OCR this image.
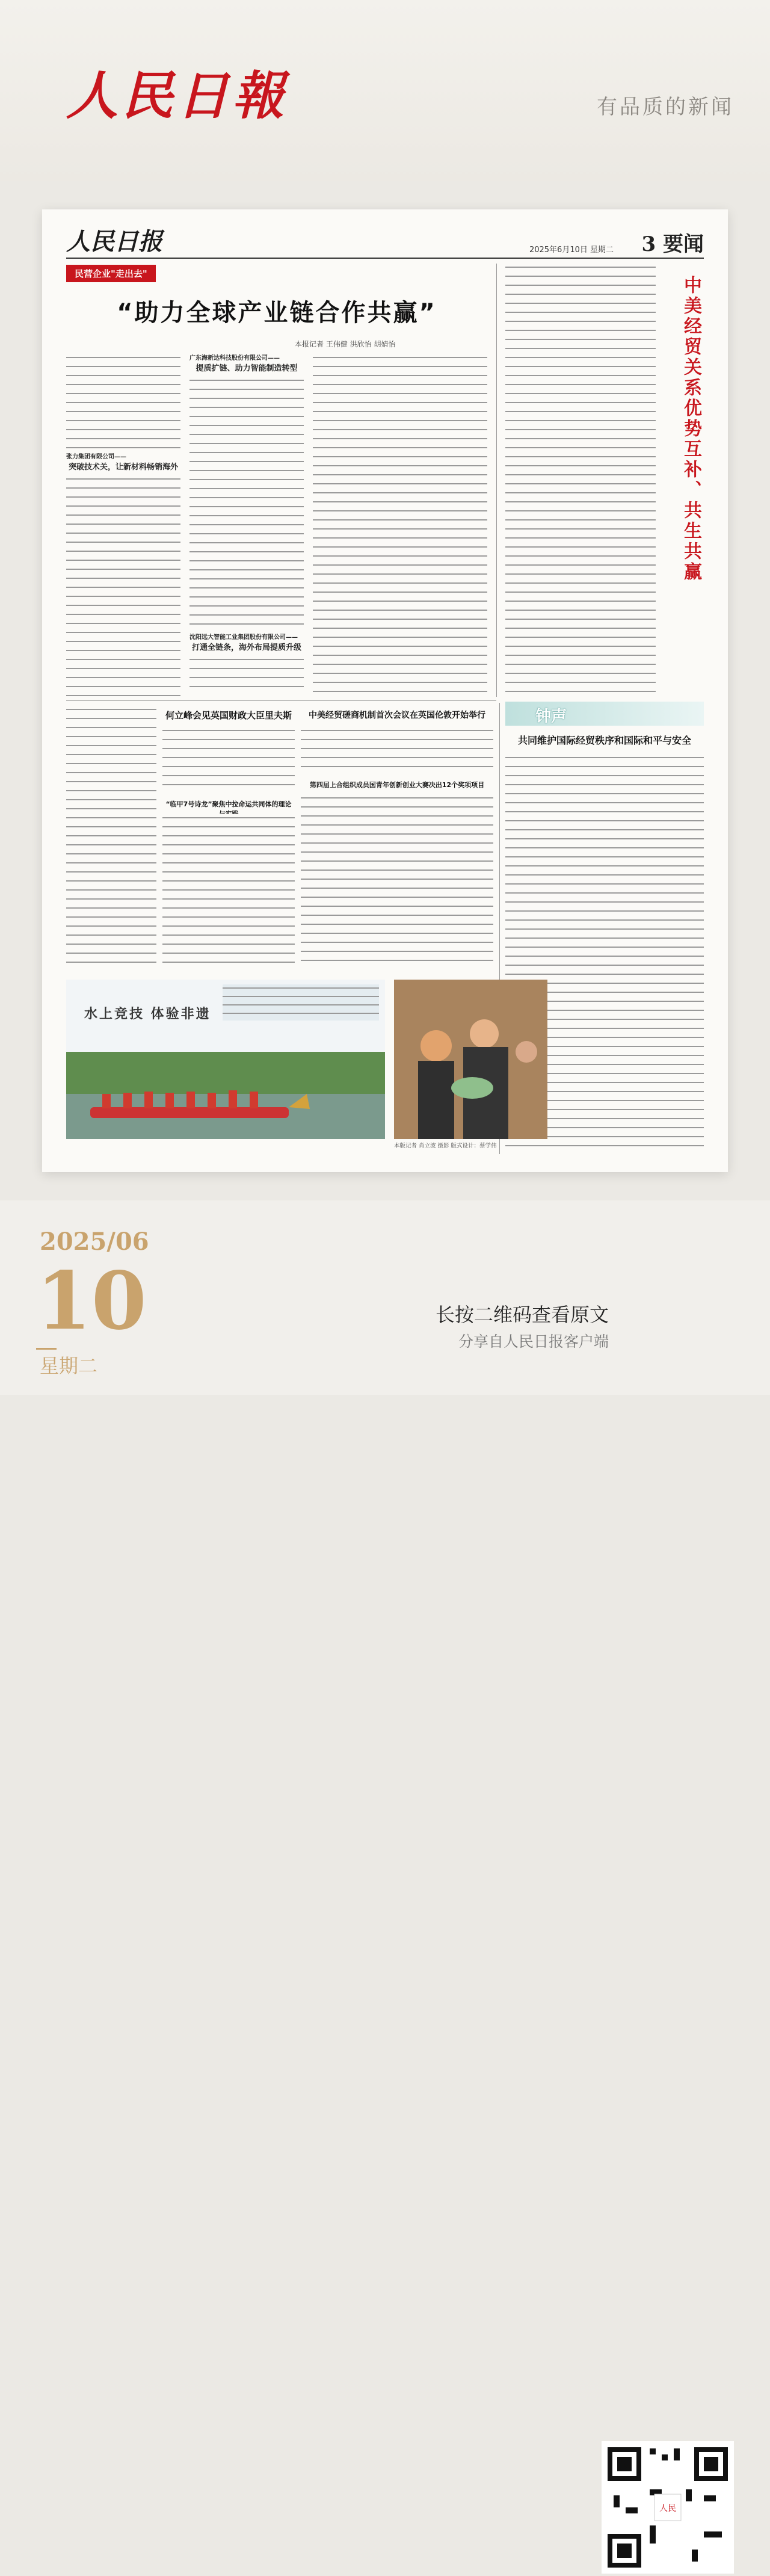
人民日報	有品质的新闻
人民日报	2025年6月10日 星期二 3 要闻
民营企业"走出去"
“助力全球产业链合作共赢”
本报记者 王伟健 洪欣怡 胡婧怡
张力集团有限公司——
突破技术关，让新材料畅销海外
广东海新达科技股份有限公司——
提质扩链、助力智能制造转型
沈阳远大智能工业集团股份有限公司——
打通全链条，海外布局提质升级
中美经贸关系优势互补、共生共赢
何立峰会见英国财政大臣里夫斯	中美经贸磋商机制首次会议在英国伦敦开始举行
第四届上合组织成员国青年创新创业大赛决出12个奖项项目
“临甲7号诗龙”聚焦中拉命运共同体的理论
钟声
共同维护国际经贸秩序和国际和平与安全
水上竞技 体验非遗
本版记者 肖立波 摄影 版式设计：蔡学伟
人民
2025/06
10
星期二
长按二维码查看原文
分享自人民日报客户端
